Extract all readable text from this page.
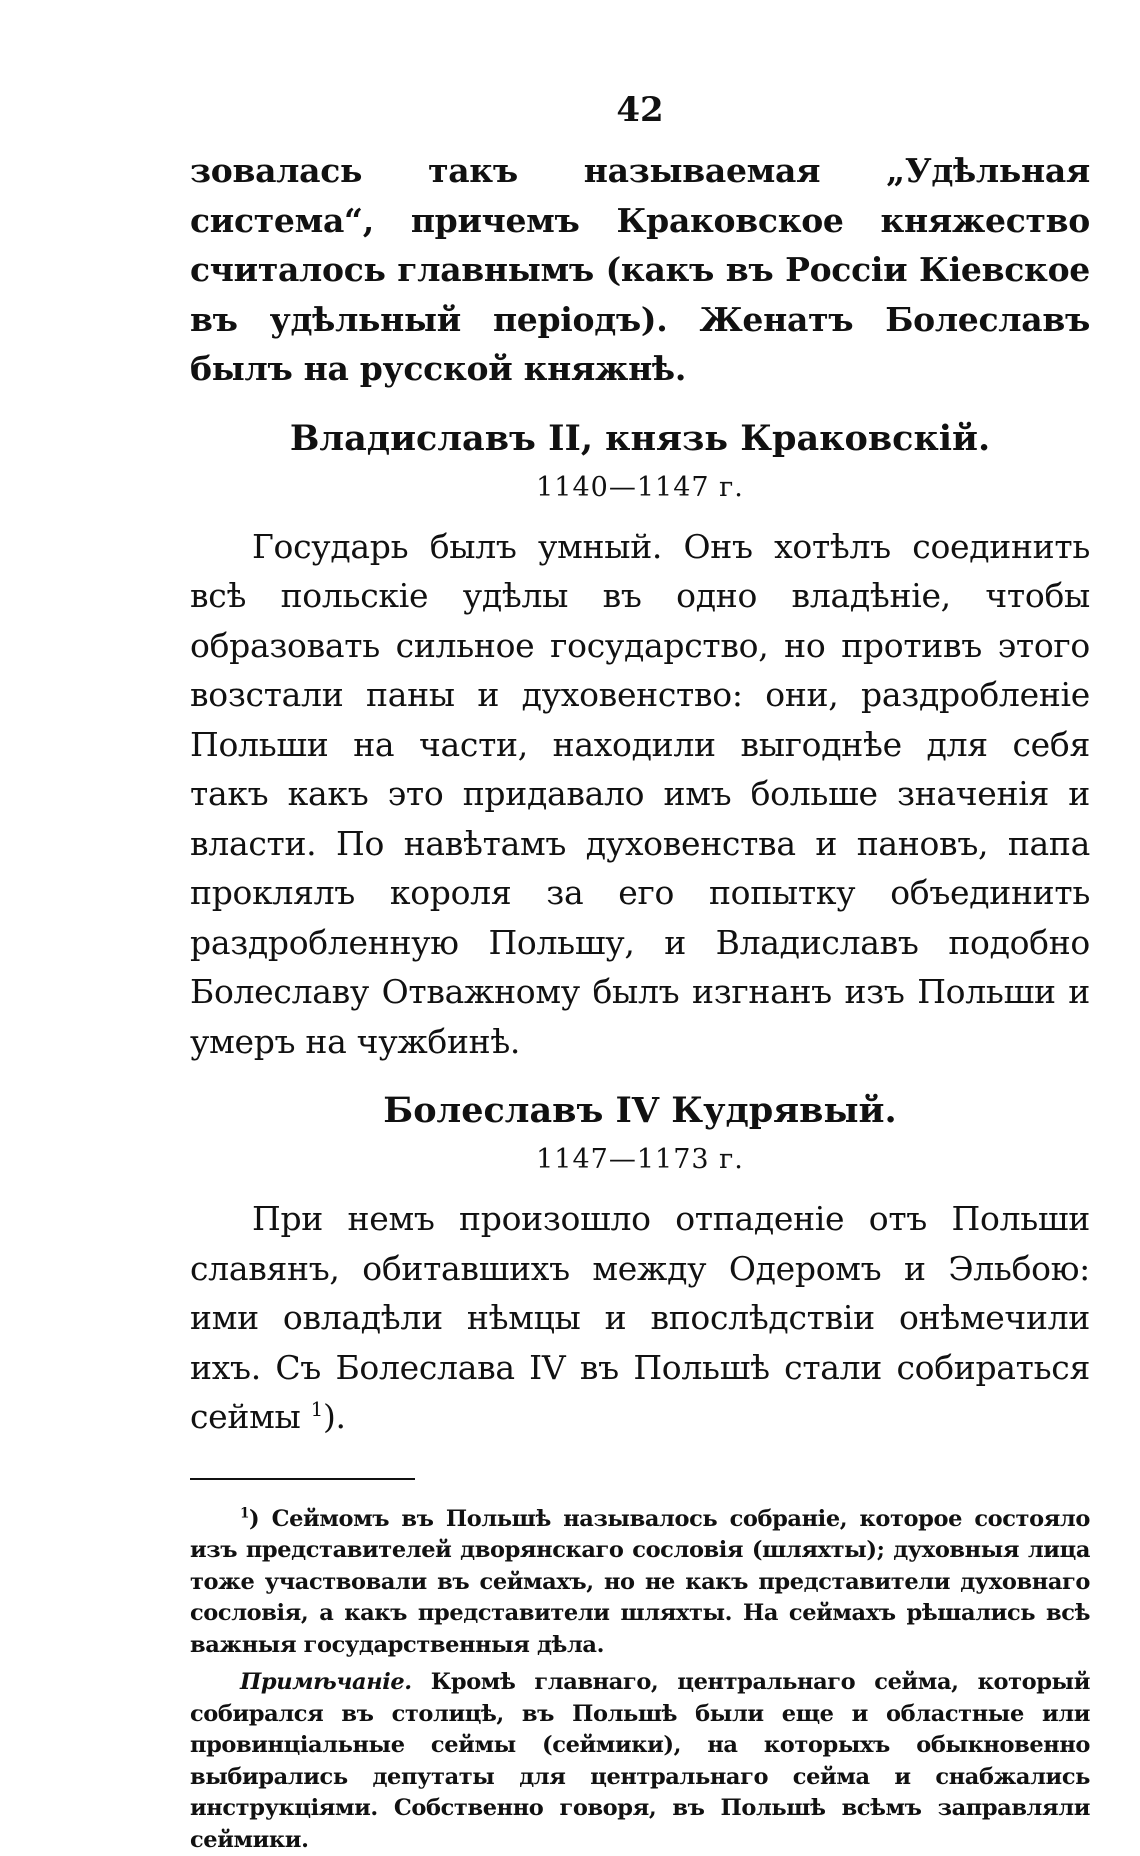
42

зовалась такъ называемая „Удѣльная система“, причемъ Краковское княжество считалось главнымъ (какъ въ Россіи Кіевское въ удѣльный періодъ). Женатъ Болеславъ былъ на русской княжнѣ.

Владиславъ II, князь Краковскій.
1140—1147 г.

Государь былъ умный. Онъ хотѣлъ соединить всѣ польскіе удѣлы въ одно владѣніе, чтобы образовать сильное государство, но противъ этого возстали паны и духовенство: они, раздробленіе Польши на части, находили выгоднѣе для себя такъ какъ это придавало имъ больше значенія и власти. По навѣтамъ духовенства и пановъ, папа проклялъ короля за его попытку объединить раздробленную Польшу, и Владиславъ подобно Болеславу Отважному былъ изгнанъ изъ Польши и умеръ на чужбинѣ.

Болеславъ IV Кудрявый.
1147—1173 г.

При немъ произошло отпаденіе отъ Польши славянъ, обитавшихъ между Одеромъ и Эльбою: ими овладѣли нѣмцы и впослѣдствіи онѣмечили ихъ. Съ Болеслава IV въ Польшѣ стали собираться сеймы $^1$).

$^1$) Сеймомъ въ Польшѣ называлось собраніе, которое состояло изъ представителей дворянскаго сословія (шляхты); духовныя лица тоже участвовали въ сеймахъ, но не какъ представители духовнаго сословія, а какъ представители шляхты. На сеймахъ рѣшались всѣ важныя государственныя дѣла.

Примѣчаніе. Кромѣ главнаго, центральнаго сейма, который собирался въ столицѣ, въ Польшѣ были еще и областные или провинціальные сеймы (сеймики), на которыхъ обыкновенно выбирались депутаты для центральнаго сейма и снабжались инструкціями. Собственно говоря, въ Польшѣ всѣмъ заправляли сеймики.
